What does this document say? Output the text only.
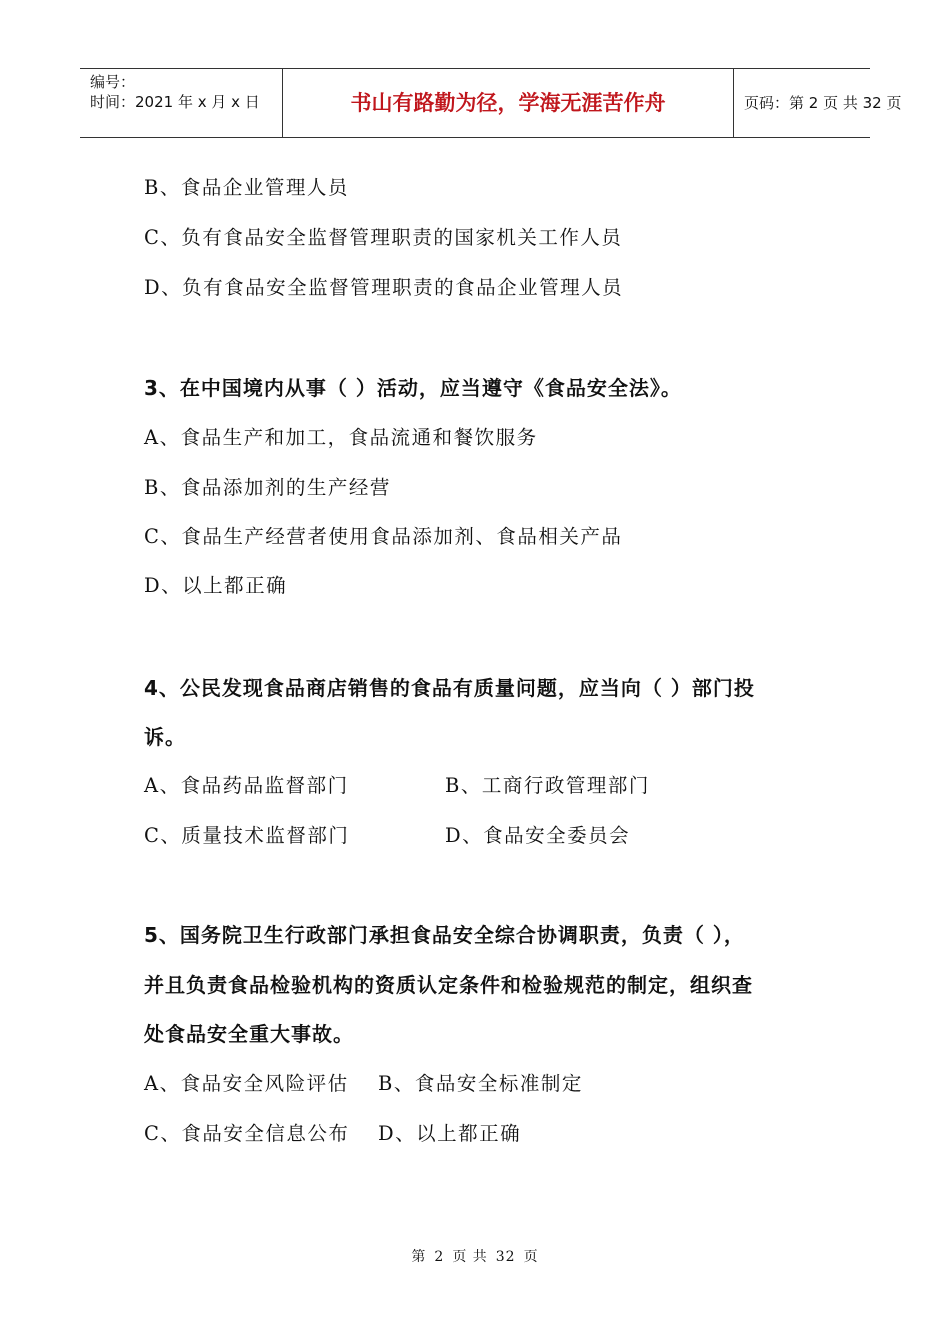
编号：
时间：2021 年 x 月 x 日	书山有路勤为径，学海无涯苦作舟	页码：第 2 页 共 32 页
B、食品企业管理人员
C、负有食品安全监督管理职责的国家机关工作人员
D、负有食品安全监督管理职责的食品企业管理人员
3、在中国境内从事（ ）活动，应当遵守《食品安全法》。
A、食品生产和加工，食品流通和餐饮服务
B、食品添加剂的生产经营
C、食品生产经营者使用食品添加剂、食品相关产品
D、以上都正确
4、公民发现食品商店销售的食品有质量问题，应当向（ ）部门投
诉。
A、食品药品监督部门	B、工商行政管理部门
C、质量技术监督部门	D、食品安全委员会
5、国务院卫生行政部门承担食品安全综合协调职责，负责（ ），
并且负责食品检验机构的资质认定条件和检验规范的制定，组织查
处食品安全重大事故。
A、食品安全风险评估 B、食品安全标准制定
C、食品安全信息公布 D、以上都正确
第 2 页 共 32 页
